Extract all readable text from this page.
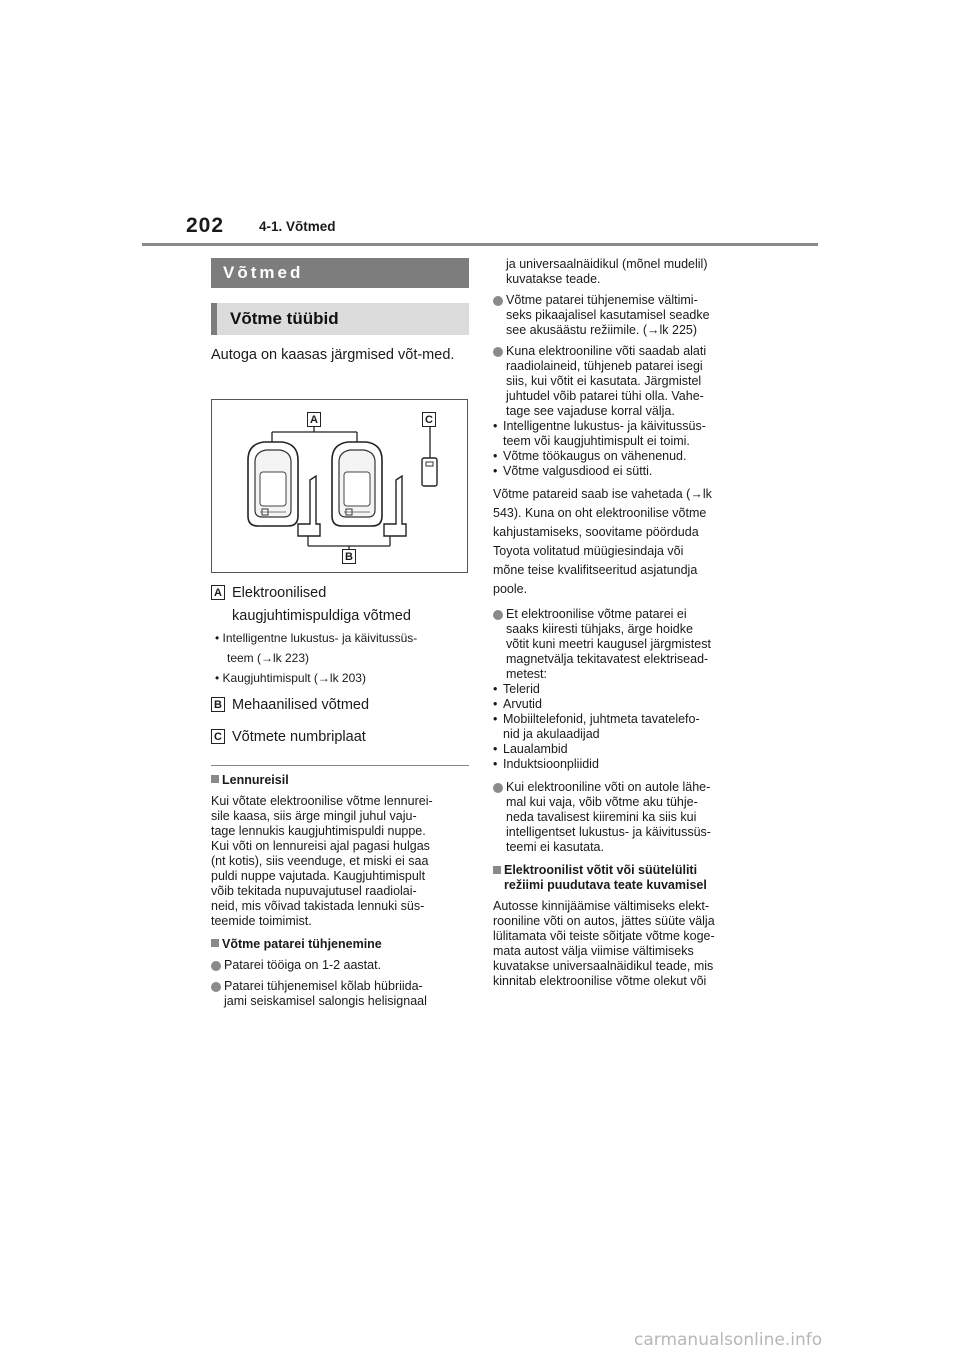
202	4-1. Võtmed
Võtmed
Võtme tüübid
Autoga on kaasas järgmised võt-med.
A	C
B
A Elektroonilised
kaugjuhtimispuldiga võtmed
• Intelligentne lukustus- ja käivitussüs-
teem (→lk 223)
• Kaugjuhtimispult (→lk 203)
B Mehaanilised võtmed
C Võtmete numbriplaat
Lennureisil
Kui võtate elektroonilise võtme lennurei-
sile kaasa, siis ärge mingil juhul vaju-
tage lennukis kaugjuhtimispuldi nuppe.
Kui võti on lennureisi ajal pagasi hulgas
(nt kotis), siis veenduge, et miski ei saa
puldi nuppe vajutada. Kaugjuhtimispult
võib tekitada nupuvajutusel raadiolai-
neid, mis võivad takistada lennuki süs-
teemide toimimist.
Võtme patarei tühjenemine
Patarei tööiga on 1-2 aastat.
Patarei tühjenemisel kõlab hübriida-
jami seiskamisel salongis helisignaal
ja universaalnäidikul (mõnel mudelil)
kuvatakse teade.
Võtme patarei tühjenemise vältimi-
seks pikaajalisel kasutamisel seadke
see akusäästu režiimile. (→lk 225)
Kuna elektrooniline võti saadab alati
raadiolaineid, tühjeneb patarei isegi
siis, kui võtit ei kasutata. Järgmistel
juhtudel võib patarei tühi olla. Vahe-
tage see vajaduse korral välja.
• Intelligentne lukustus- ja käivitussüs-
teem või kaugjuhtimispult ei toimi.
• Võtme töökaugus on vähenenud.
• Võtme valgusdiood ei sütti.
Võtme patareid saab ise vahetada (→lk
543). Kuna on oht elektroonilise võtme
kahjustamiseks, soovitame pöörduda
Toyota volitatud müügiesindaja või
mõne teise kvalifitseeritud asjatundja
poole.
Et elektroonilise võtme patarei ei
saaks kiiresti tühjaks, ärge hoidke
võtit kuni meetri kaugusel järgmistest
magnetvälja tekitavatest elektrisead-
metest:
• Telerid
• Arvutid
• Mobiiltelefonid, juhtmeta tavatelefo-
nid ja akulaadijad
• Laualambid
• Induktsioonpliidid
Kui elektrooniline võti on autole lähe-
mal kui vaja, võib võtme aku tühje-
neda tavalisest kiiremini ka siis kui
intelligentset lukustus- ja käivitussüs-
teemi ei kasutata.
Elektroonilist võtit või süütelüliti
režiimi puudutava teate kuvamisel
Autosse kinnijäämise vältimiseks elekt-
rooniline võti on autos, jättes süüte välja
lülitamata või teiste sõitjate võtme koge-
mata autost välja viimise vältimiseks
kuvatakse universaalnäidikul teade, mis
kinnitab elektroonilise võtme olekut või
carmanualsonline.info
